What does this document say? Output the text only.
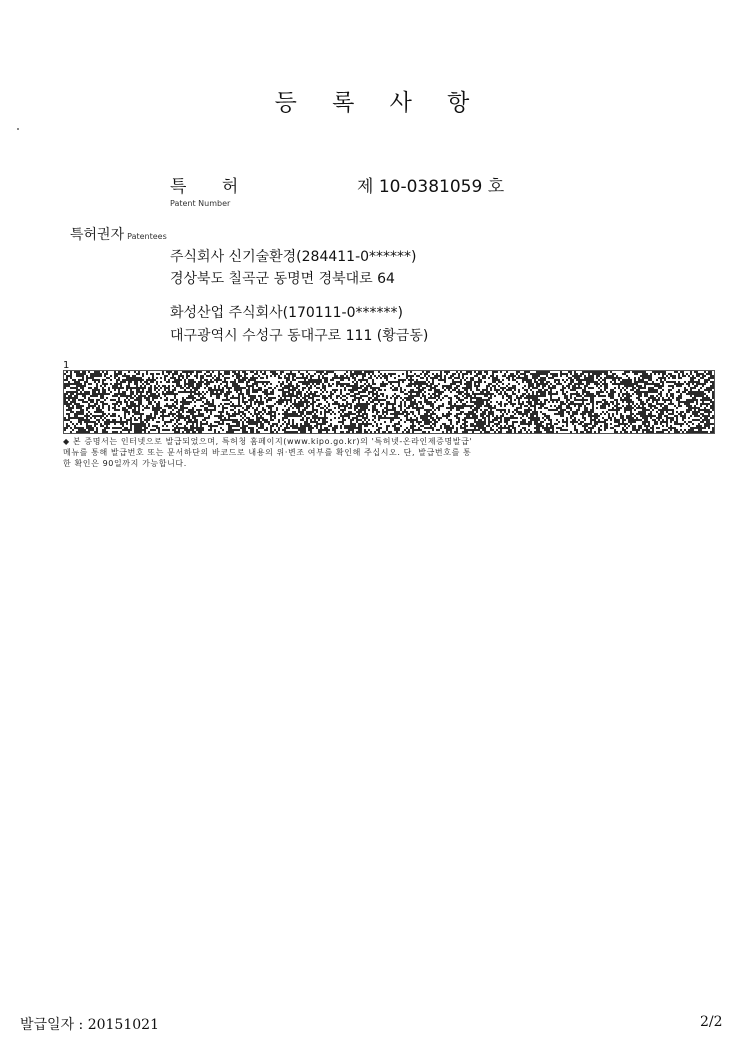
등 록 사 항
특 허	제 10-0381059 호
Patent Number
특허권자 Patentees
주식회사 신기술환경(284411-0******)
경상북도 칠곡군 동명면 경북대로 64
화성산업 주식회사(170111-0******)
대구광역시 수성구 동대구로 111 (황금동)
1
◆ 본 증명서는 인터넷으로 발급되었으며, 특허청 홈페이지(www.kipo.go.kr)의 '특허넷-온라인제증명발급'
메뉴를 통해 발급번호 또는 문서하단의 바코드로 내용의 위·변조 여부를 확인해 주십시오. 단, 발급번호를 통
한 확인은 90일까지 가능합니다.
발급일자 : 20151021	2/2
